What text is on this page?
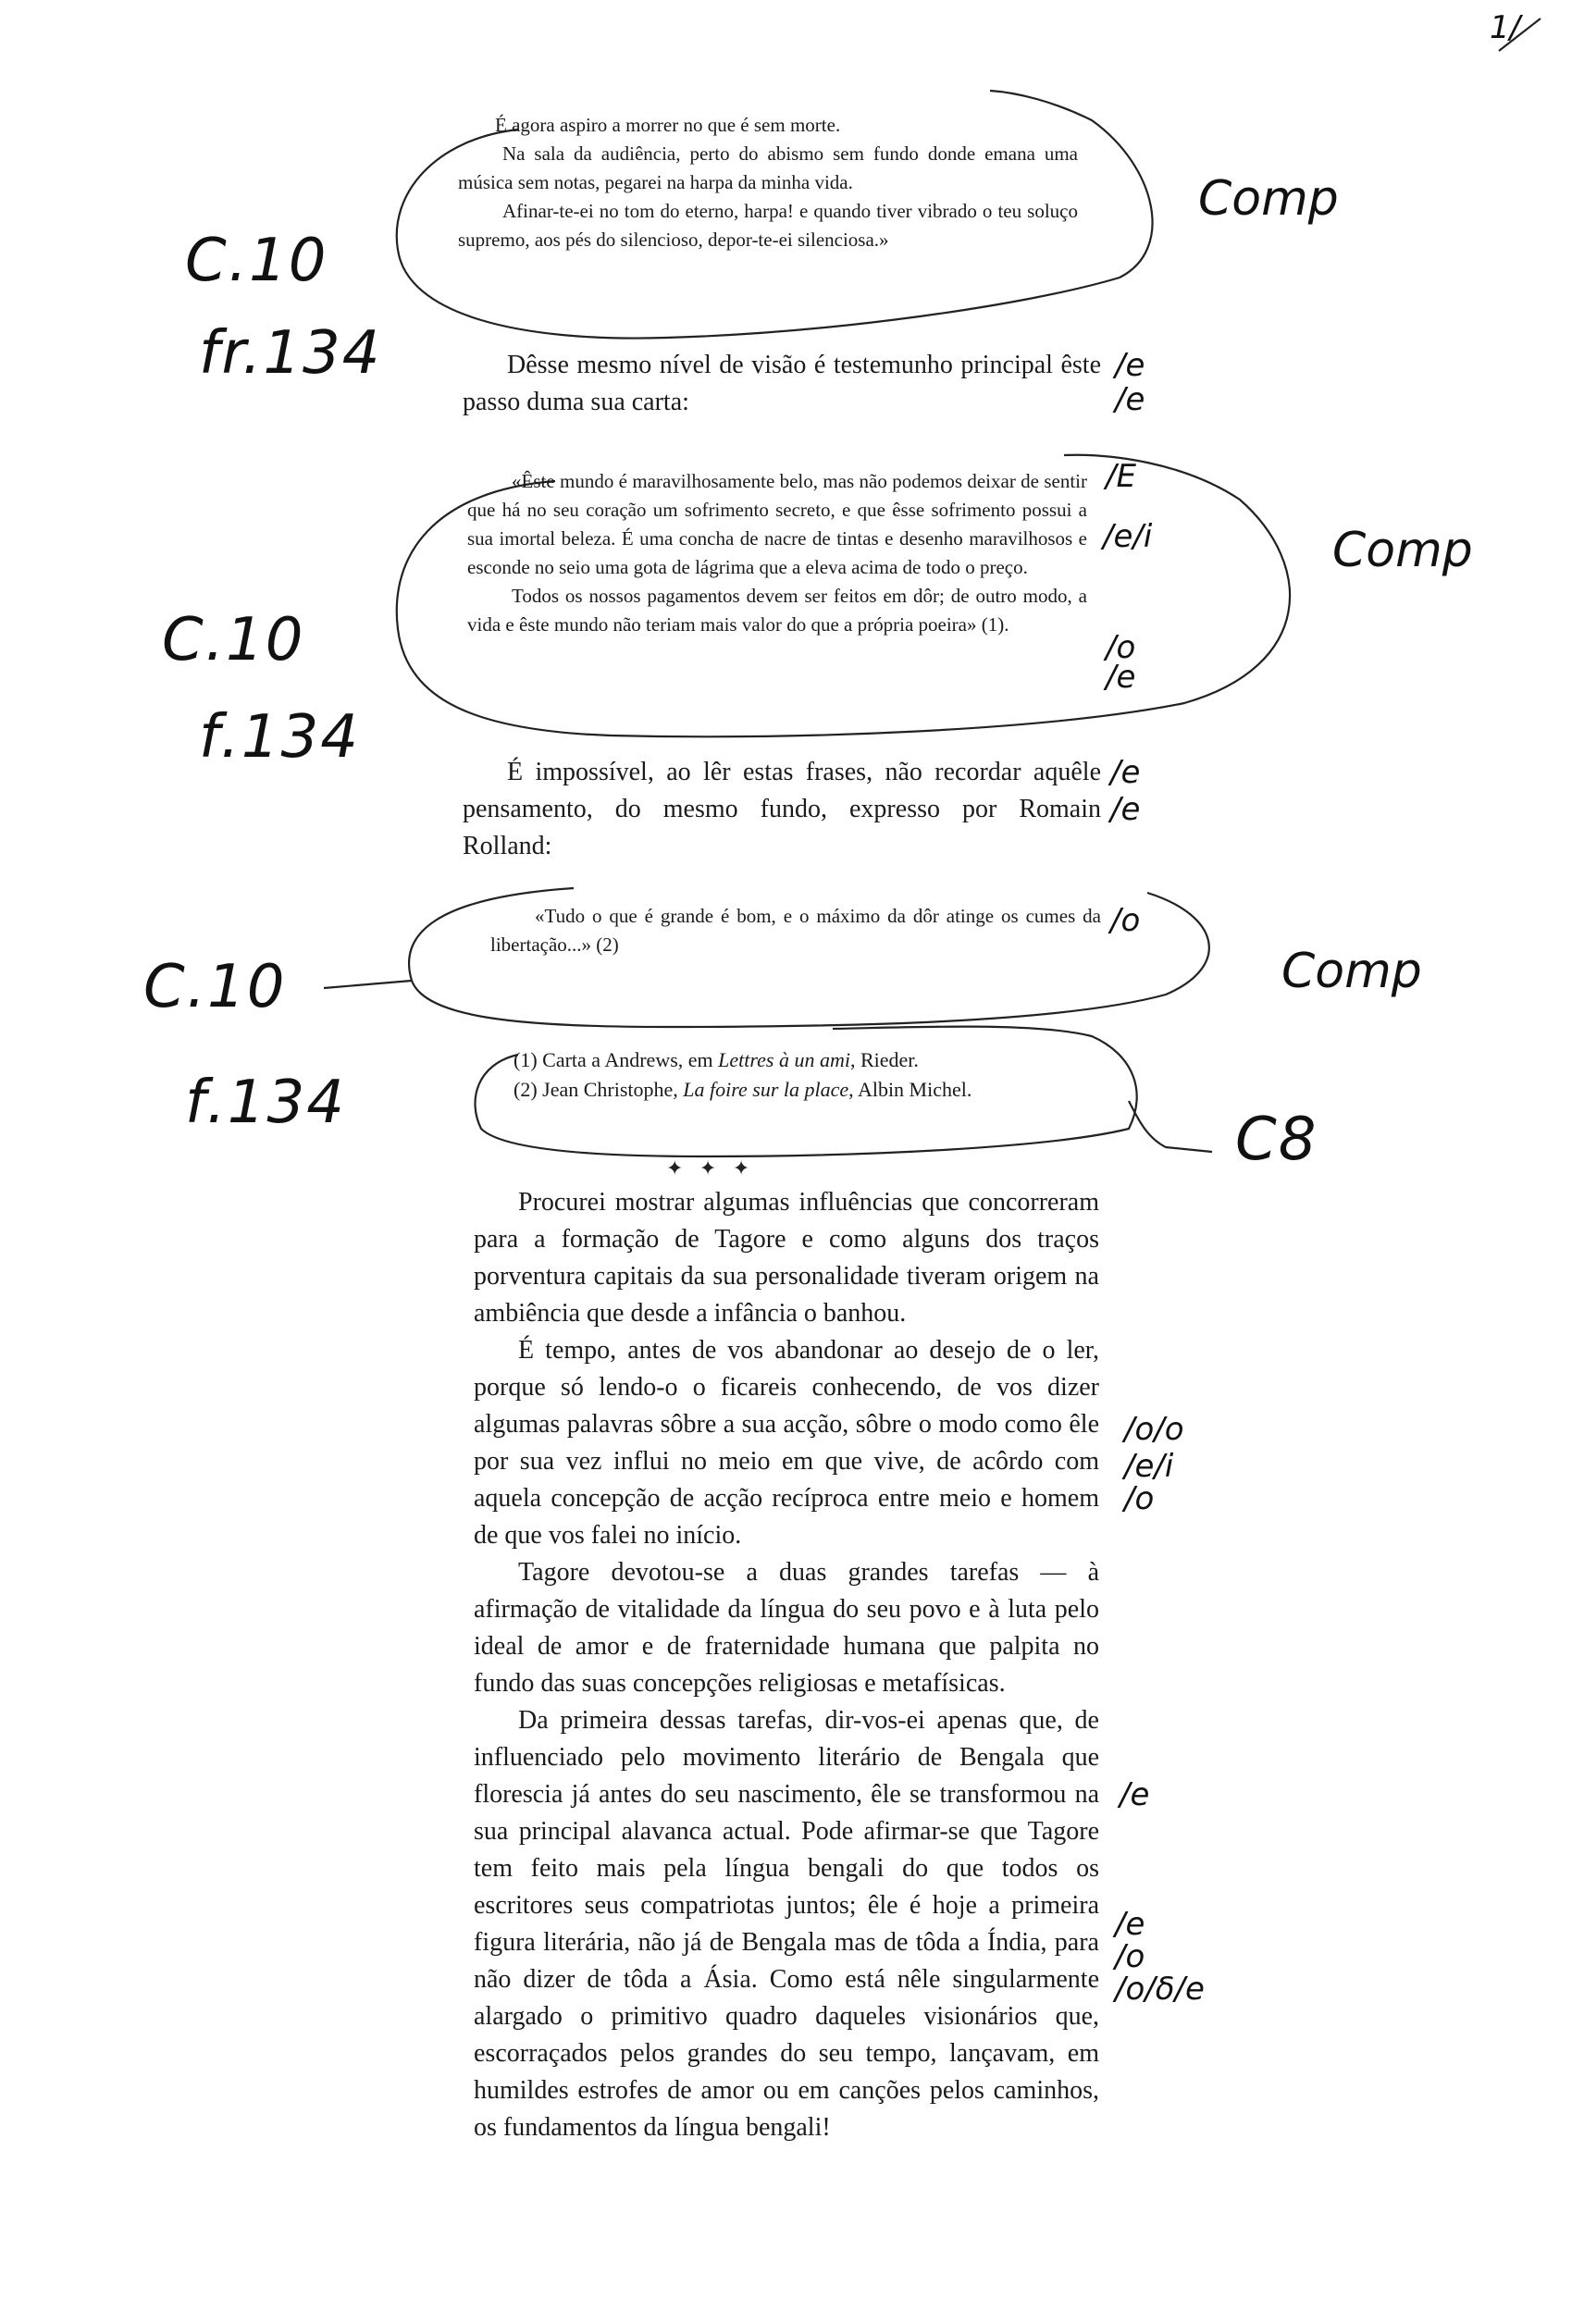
É agora aspiro a morrer no que é sem morte.

Na sala da audiência, perto do abismo sem fundo donde emana uma música sem notas, pegarei na harpa da minha vida.

Afinar-te-ei no tom do eterno, harpa! e quando tiver vibrado o teu soluço supremo, aos pés do silencioso, depor-te-ei silenciosa.»

Dêsse mesmo nível de visão é testemunho principal êste passo duma sua carta:

«Êste mundo é maravilhosamente belo, mas não podemos deixar de sentir que há no seu coração um sofrimento secreto, e que êsse sofrimento possui a sua imortal beleza. É uma concha de nacre de tintas e desenho maravilhosos e esconde no seio uma gota de lágrima que a eleva acima de todo o preço.

Todos os nossos pagamentos devem ser feitos em dôr; de outro modo, a vida e êste mundo não teriam mais valor do que a própria poeira» (1).

É impossível, ao lêr estas frases, não recordar aquêle pensamento, do mesmo fundo, expresso por Romain Rolland:

«Tudo o que é grande é bom, e o máximo da dôr atinge os cumes da libertação...» (2)

(1) Carta a Andrews, em Lettres à un ami, Rieder.
(2) Jean Christophe, La foire sur la place, Albin Michel.
✦ ✦ ✦

Procurei mostrar algumas influências que concorreram para a formação de Tagore e como alguns dos traços porventura capitais da sua personalidade tiveram origem na ambiência que desde a infância o banhou.

É tempo, antes de vos abandonar ao desejo de o ler, porque só lendo-o o ficareis conhecendo, de vos dizer algumas palavras sôbre a sua acção, sôbre o modo como êle por sua vez influi no meio em que vive, de acôrdo com aquela concepção de acção recíproca entre meio e homem de que vos falei no início.

Tagore devotou-se a duas grandes tarefas — à afirmação de vitalidade da língua do seu povo e à luta pelo ideal de amor e de fraternidade humana que palpita no fundo das suas concepções religiosas e metafísicas.

Da primeira dessas tarefas, dir-vos-ei apenas que, de influenciado pelo movimento literário de Bengala que florescia já antes do seu nascimento, êle se transformou na sua principal alavanca actual. Pode afirmar-se que Tagore tem feito mais pela língua bengali do que todos os escritores seus compatriotas juntos; êle é hoje a primeira figura literária, não já de Bengala mas de tôda a Índia, para não dizer de tôda a Ásia. Como está nêle singularmente alargado o primitivo quadro daqueles visionários que, escorraçados pelos grandes do seu tempo, lançavam, em humildes estrofes de amor ou em canções pelos caminhos, os fundamentos da língua bengali!

1/
C.10
fr.134
Comp
C.10
f.134
Comp
C.10
f.134
Comp
C8
/e
/e
/E
/e/i
/o
/e
/e
/e
/o
/o/o
/e/i
/o
/e
/e
/o
/o/δ/e
